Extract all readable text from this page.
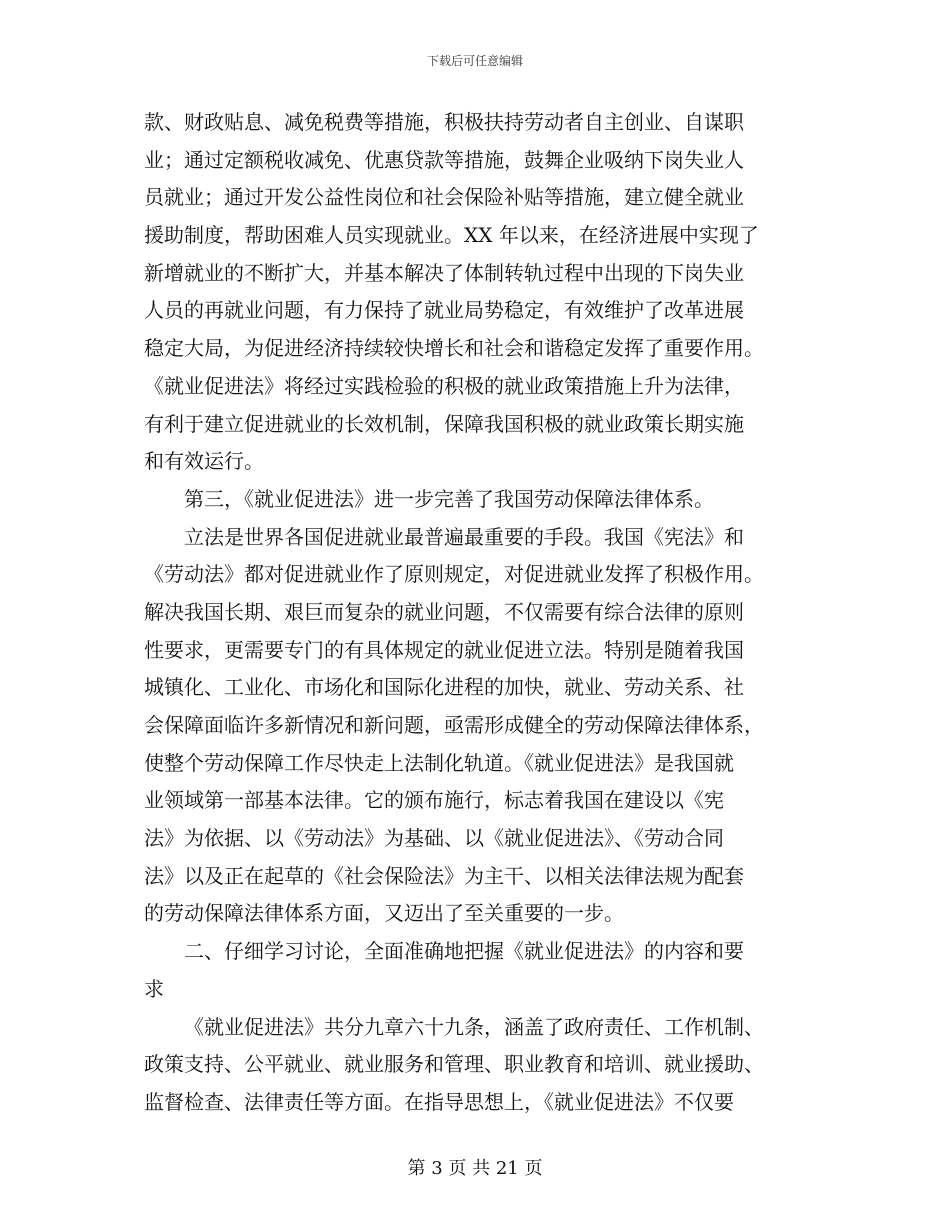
下载后可任意编辑
款、财政贴息、减免税费等措施，积极扶持劳动者自主创业、自谋职
业；通过定额税收减免、优惠贷款等措施，鼓舞企业吸纳下岗失业人
员就业；通过开发公益性岗位和社会保险补贴等措施，建立健全就业
援助制度，帮助困难人员实现就业。XX 年以来，在经济进展中实现了
新增就业的不断扩大，并基本解决了体制转轨过程中出现的下岗失业
人员的再就业问题，有力保持了就业局势稳定，有效维护了改革进展
稳定大局，为促进经济持续较快增长和社会和谐稳定发挥了重要作用。
《就业促进法》将经过实践检验的积极的就业政策措施上升为法律，
有利于建立促进就业的长效机制，保障我国积极的就业政策长期实施
和有效运行。
第三，《就业促进法》进一步完善了我国劳动保障法律体系。
立法是世界各国促进就业最普遍最重要的手段。我国《宪法》和
《劳动法》都对促进就业作了原则规定，对促进就业发挥了积极作用。
解决我国长期、艰巨而复杂的就业问题，不仅需要有综合法律的原则
性要求，更需要专门的有具体规定的就业促进立法。特别是随着我国
城镇化、工业化、市场化和国际化进程的加快，就业、劳动关系、社
会保障面临许多新情况和新问题，亟需形成健全的劳动保障法律体系，
使整个劳动保障工作尽快走上法制化轨道。《就业促进法》是我国就
业领域第一部基本法律。它的颁布施行，标志着我国在建设以《宪
法》为依据、以《劳动法》为基础、以《就业促进法》、《劳动合同
法》以及正在起草的《社会保险法》为主干、以相关法律法规为配套
的劳动保障法律体系方面，又迈出了至关重要的一步。
二、仔细学习讨论，全面准确地把握《就业促进法》的内容和要
求
《就业促进法》共分九章六十九条，涵盖了政府责任、工作机制、
政策支持、公平就业、就业服务和管理、职业教育和培训、就业援助、
监督检查、法律责任等方面。在指导思想上，《就业促进法》不仅要
第 3 页 共 21 页
